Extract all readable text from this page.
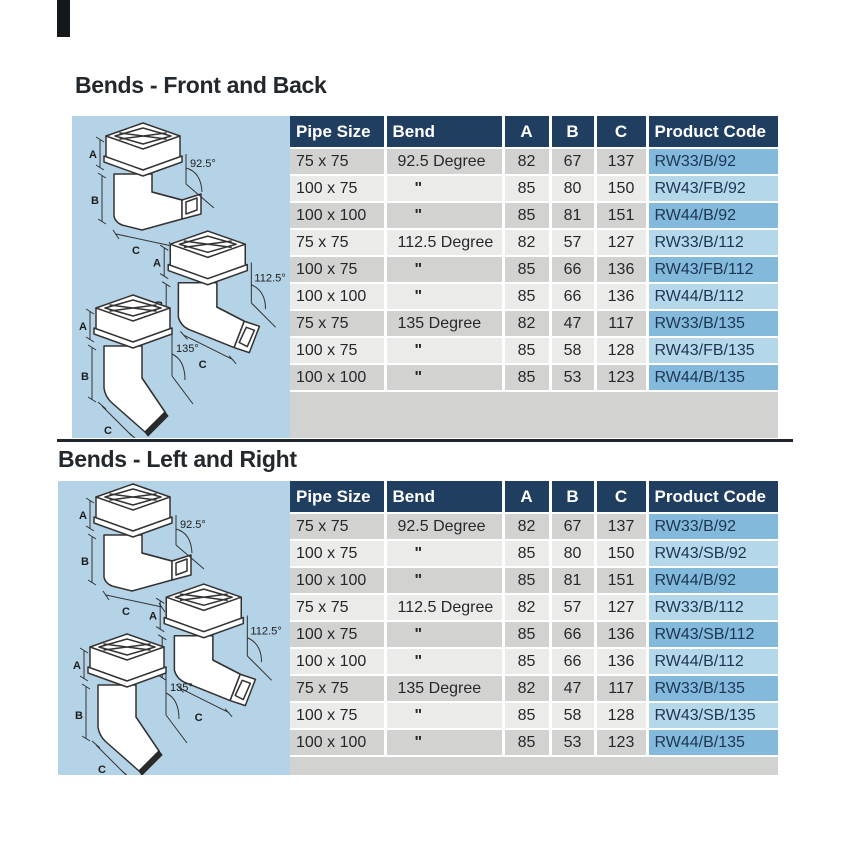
Bends - Front and Back
Pipe Size	Bend	A	B	C	Product Code
75 x 75	92.5 Degree	82	67	137	RW33/B/92
100 x 75	"	85	80	150	RW43/FB/92
100 x 100	"	85	81	151	RW44/B/92
75 x 75	112.5 Degree	82	57	127	RW33/B/112
100 x 75	"	85	66	136	RW43/FB/112
100 x 100	"	85	66	136	RW44/B/112
75 x 75	135 Degree	82	47	117	RW33/B/135
100 x 75	"	85	58	128	RW43/FB/135
100 x 100	"	85	53	123	RW44/B/135
Bends - Left and Right
Pipe Size	Bend	A	B	C	Product Code
75 x 75	92.5 Degree	82	67	137	RW33/B/92
100 x 75	"	85	80	150	RW43/SB/92
100 x 100	"	85	81	151	RW44/B/92
75 x 75	112.5 Degree	82	57	127	RW33/B/112
100 x 75	"	85	66	136	RW43/SB/112
100 x 100	"	85	66	136	RW44/B/112
75 x 75	135 Degree	82	47	117	RW33/B/135
100 x 75	"	85	58	128	RW43/SB/135
100 x 100	"	85	53	123	RW44/B/135
